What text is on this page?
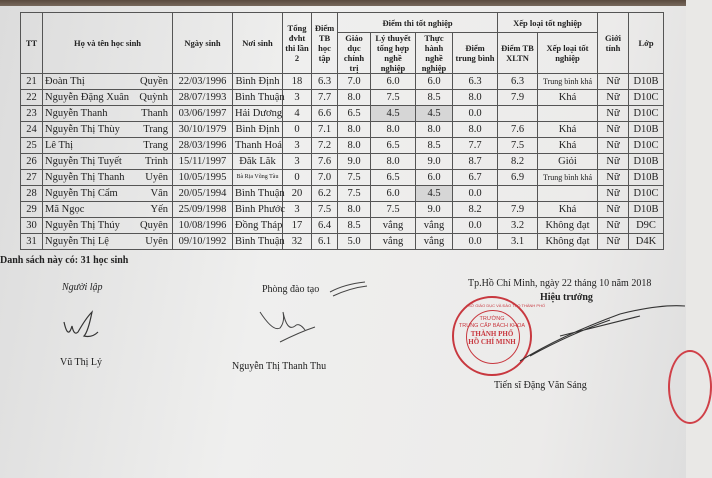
TT	Họ và tên học sinh	Ngày sinh	Nơi sinh	Tổng đvht thi lần 2	Điểm TB học tập	Điểm thi tốt nghiệp				Xếp loại tốt nghiệp		Giới tính	Lớp
						Giáo dục chính trị	Lý thuyết tổng hợp nghề nghiệp	Thực hành nghề nghiệp	Điểm trung bình	Điểm TB XLTN	Xếp loại tốt nghiệp		
21	Đoàn Thị Quyền	22/03/1996	Bình Định	18	6.3	7.0	6.0	6.0	6.3	6.3	Trung bình khá	Nữ	D10B
22	Nguyễn Đặng Xuân Quỳnh	28/07/1993	Bình Thuận	3	7.7	8.0	7.5	8.5	8.0	7.9	Khá	Nữ	D10C
23	Nguyễn Thanh Thanh	03/06/1997	Hải Dương	4	6.6	6.5	4.5	4.5	0.0			Nữ	D10C
24	Nguyễn Thị Thùy Trang	30/10/1979	Bình Định	0	7.1	8.0	8.0	8.0	8.0	7.6	Khá	Nữ	D10B
25	Lê Thị Trang	28/03/1996	Thanh Hoá	3	7.2	8.0	6.5	8.5	7.7	7.5	Khá	Nữ	D10C
26	Nguyễn Thị Tuyết Trinh	15/11/1997	Đăk Lăk	3	7.6	9.0	8.0	9.0	8.7	8.2	Giỏi	Nữ	D10B
27	Nguyễn Thị Thanh Uyên	10/05/1995	Bà Rịa Vũng Tàu	0	7.0	7.5	6.5	6.0	6.7	6.9	Trung bình khá	Nữ	D10B
28	Nguyễn Thị Cẩm Vân	20/05/1994	Bình Thuận	20	6.2	7.5	6.0	4.5	0.0			Nữ	D10C
29	Mã Ngọc Yến	25/09/1998	Bình Phước	3	7.5	8.0	7.5	9.0	8.2	7.9	Khá	Nữ	D10B
30	Nguyễn Thị Thúy Quyên	10/08/1996	Đồng Tháp	17	6.4	8.5	vắng	vắng	0.0	3.2	Không đạt	Nữ	D9C
31	Nguyễn Thị Lệ Uyên	09/10/1992	Bình Thuận	32	6.1	5.0	vắng	vắng	0.0	3.1	Không đạt	Nữ	D4K
Danh sách này có: 31 học sinh
Người lập
Vũ Thị Lý
Phòng đào tạo
Nguyễn Thị Thanh Thu
Tp.Hồ Chí Minh, ngày 22 tháng 10 năm 2018
Hiệu trưởng
SỞ GIÁO DỤC VÀ ĐÀO TẠO THÀNH PHỐ
TRƯỜNG
TRUNG CẤP BÁCH KHOA
THÀNH PHỐ
HỒ CHÍ MINH
Tiến sĩ Đặng Văn Sáng
